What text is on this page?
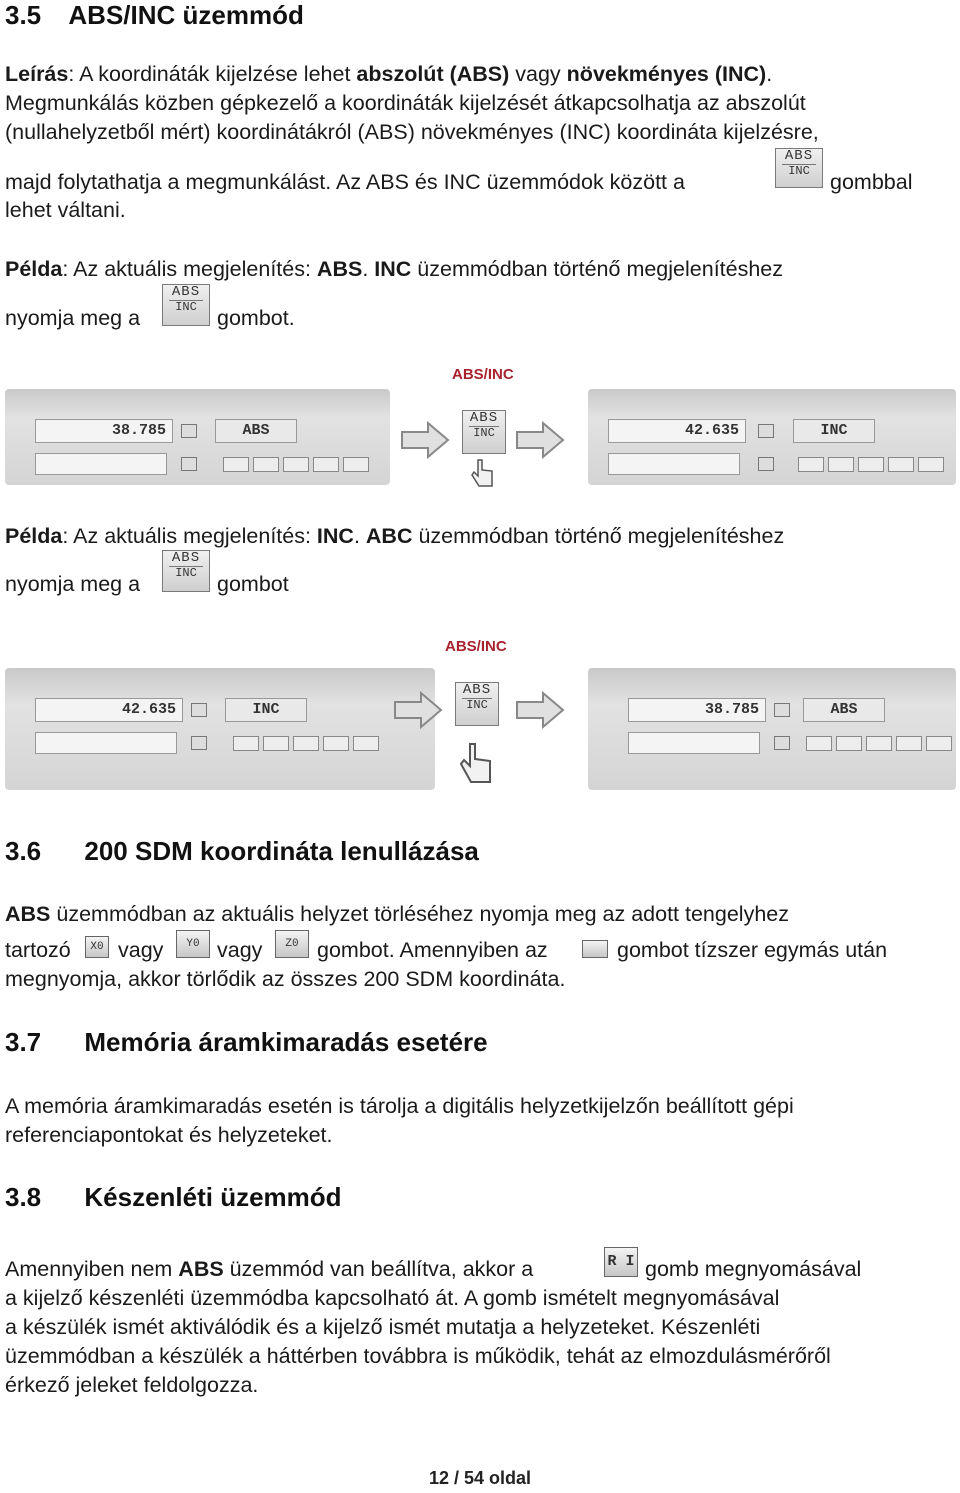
3.5 ABS/INC üzemmód
Leírás: A koordináták kijelzése lehet abszolút (ABS) vagy növekményes (INC).
Megmunkálás közben gépkezelő a koordináták kijelzését átkapcsolhatja az abszolút
(nullahelyzetből mért) koordinátákról (ABS) növekményes (INC) koordináta kijelzésre,
majd folytathatja a megmunkálást. Az ABS és INC üzemmódok között a
ABS
INC gombbal
lehet váltani.
Példa: Az aktuális megjelenítés: ABS. INC üzemmódban történő megjelenítéshez
nyomja meg a
ABS
INC gombot.
ABS/INC
38.785	ABS
ABS
INC	42.635	INC
Példa: Az aktuális megjelenítés: INC. ABC üzemmódban történő megjelenítéshez
nyomja meg a
ABS
INC gombot
ABS/INC
42.635	INC
ABS
INC	38.785	ABS
3.6 200 SDM koordináta lenullázása
ABS üzemmódban az aktuális helyzet törléséhez nyomja meg az adott tengelyhez
tartozó	X0 vagy	Y0 vagy	Z0 gombot. Amennyiben az	gombot tízszer egymás után
megnyomja, akkor törlődik az összes 200 SDM koordináta.
3.7 Memória áramkimaradás esetére
A memória áramkimaradás esetén is tárolja a digitális helyzetkijelzőn beállított gépi
referenciapontokat és helyzeteket.
3.8 Készenléti üzemmód
Amennyiben nem ABS üzemmód van beállítva, akkor a	R I gomb megnyomásával
a kijelző készenléti üzemmódba kapcsolható át. A gomb ismételt megnyomásával
a készülék ismét aktiválódik és a kijelző ismét mutatja a helyzeteket. Készenléti
üzemmódban a készülék a háttérben továbbra is működik, tehát az elmozdulásmérőről
érkező jeleket feldolgozza.
12 / 54 oldal
